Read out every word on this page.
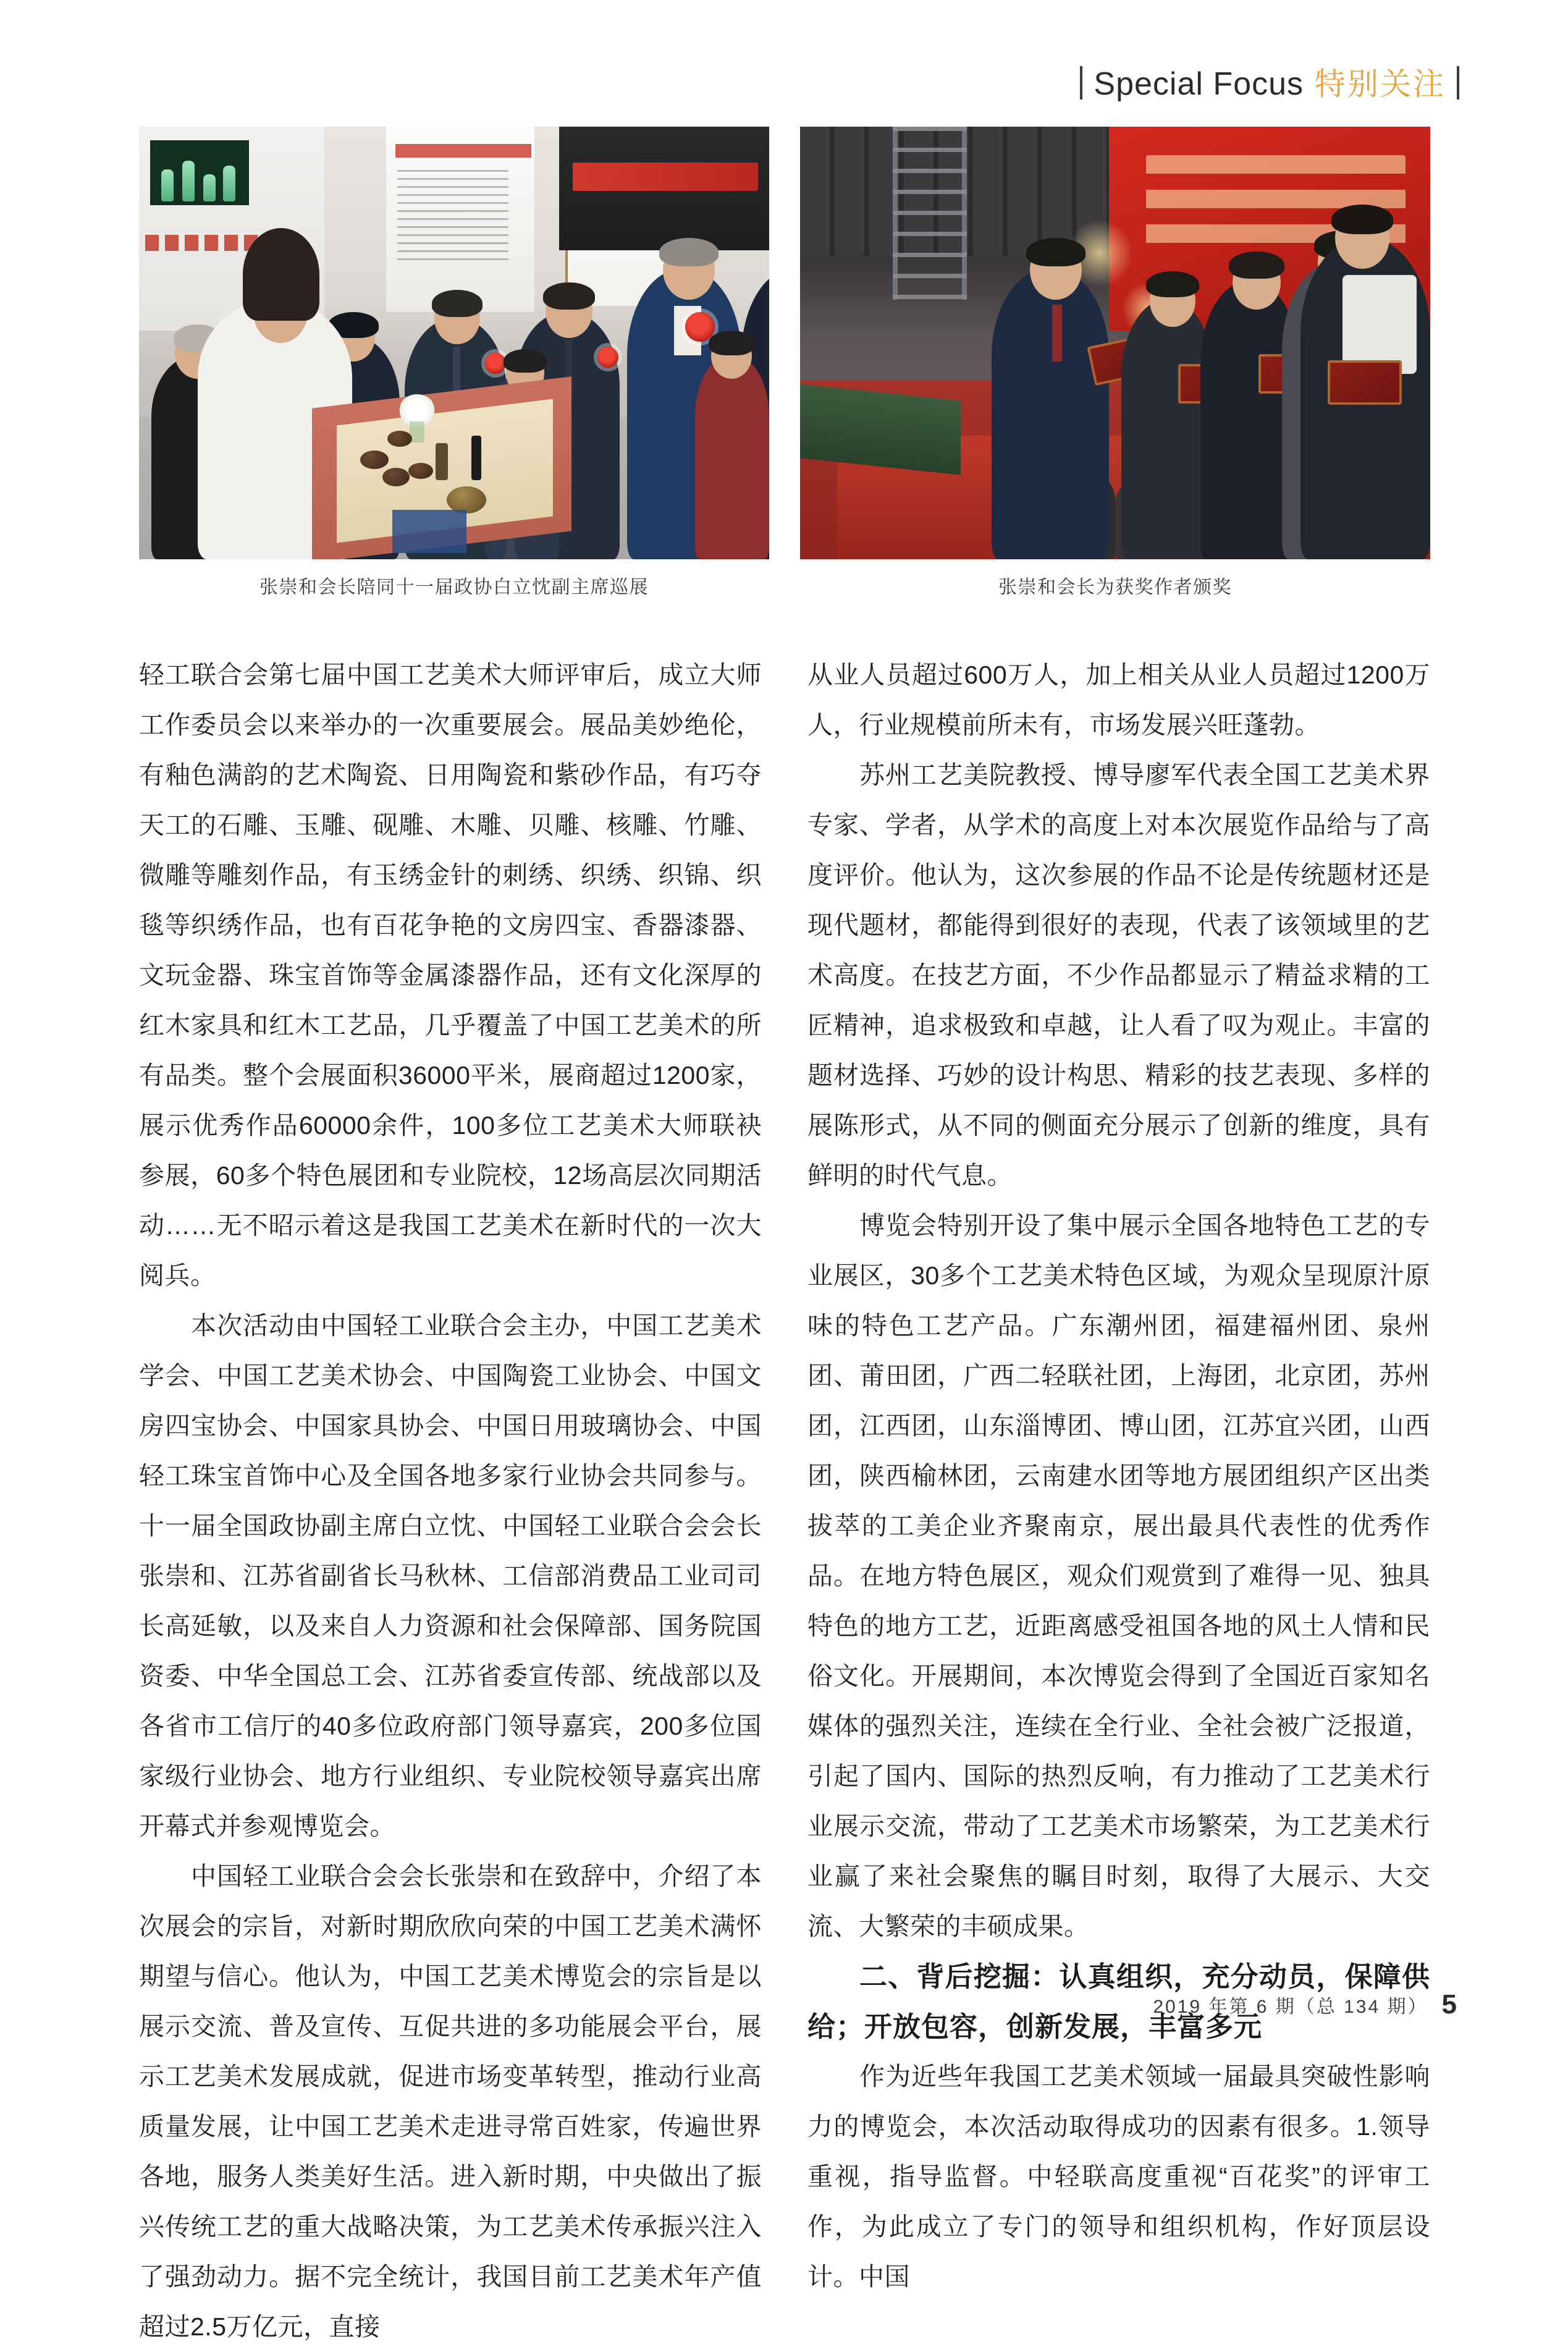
Special Focus 特别关注
张崇和会长陪同十一届政协白立忱副主席巡展	张崇和会长为获奖作者颁奖

轻工联合会第七届中国工艺美术大师评审后，成立大师工作委员会以来举办的一次重要展会。展品美妙绝伦，有釉色满韵的艺术陶瓷、日用陶瓷和紫砂作品，有巧夺天工的石雕、玉雕、砚雕、木雕、贝雕、核雕、竹雕、微雕等雕刻作品，有玉绣金针的刺绣、织绣、织锦、织毯等织绣作品，也有百花争艳的文房四宝、香器漆器、文玩金器、珠宝首饰等金属漆器作品，还有文化深厚的红木家具和红木工艺品，几乎覆盖了中国工艺美术的所有品类。整个会展面积36000平米，展商超过1200家，展示优秀作品60000余件，100多位工艺美术大师联袂参展，60多个特色展团和专业院校，12场高层次同期活动……无不昭示着这是我国工艺美术在新时代的一次大阅兵。

本次活动由中国轻工业联合会主办，中国工艺美术学会、中国工艺美术协会、中国陶瓷工业协会、中国文房四宝协会、中国家具协会、中国日用玻璃协会、中国轻工珠宝首饰中心及全国各地多家行业协会共同参与。十一届全国政协副主席白立忱、中国轻工业联合会会长张崇和、江苏省副省长马秋林、工信部消费品工业司司长高延敏，以及来自人力资源和社会保障部、国务院国资委、中华全国总工会、江苏省委宣传部、统战部以及各省市工信厅的40多位政府部门领导嘉宾，200多位国家级行业协会、地方行业组织、专业院校领导嘉宾出席开幕式并参观博览会。

中国轻工业联合会会长张崇和在致辞中，介绍了本次展会的宗旨，对新时期欣欣向荣的中国工艺美术满怀期望与信心。他认为，中国工艺美术博览会的宗旨是以展示交流、普及宣传、互促共进的多功能展会平台，展示工艺美术发展成就，促进市场变革转型，推动行业高质量发展，让中国工艺美术走进寻常百姓家，传遍世界各地，服务人类美好生活。进入新时期，中央做出了振兴传统工艺的重大战略决策，为工艺美术传承振兴注入了强劲动力。据不完全统计，我国目前工艺美术年产值超过2.5万亿元，直接

从业人员超过600万人，加上相关从业人员超过1200万人，行业规模前所未有，市场发展兴旺蓬勃。

苏州工艺美院教授、博导廖军代表全国工艺美术界专家、学者，从学术的高度上对本次展览作品给与了高度评价。他认为，这次参展的作品不论是传统题材还是现代题材，都能得到很好的表现，代表了该领域里的艺术高度。在技艺方面，不少作品都显示了精益求精的工匠精神，追求极致和卓越，让人看了叹为观止。丰富的题材选择、巧妙的设计构思、精彩的技艺表现、多样的展陈形式，从不同的侧面充分展示了创新的维度，具有鲜明的时代气息。

博览会特别开设了集中展示全国各地特色工艺的专业展区，30多个工艺美术特色区域，为观众呈现原汁原味的特色工艺产品。广东潮州团，福建福州团、泉州团、莆田团，广西二轻联社团，上海团，北京团，苏州团，江西团，山东淄博团、博山团，江苏宜兴团，山西团，陕西榆林团，云南建水团等地方展团组织产区出类拔萃的工美企业齐聚南京，展出最具代表性的优秀作品。在地方特色展区，观众们观赏到了难得一见、独具特色的地方工艺，近距离感受祖国各地的风土人情和民俗文化。开展期间，本次博览会得到了全国近百家知名媒体的强烈关注，连续在全行业、全社会被广泛报道，引起了国内、国际的热烈反响，有力推动了工艺美术行业展示交流，带动了工艺美术市场繁荣，为工艺美术行业赢了来社会聚焦的瞩目时刻，取得了大展示、大交流、大繁荣的丰硕成果。

二、背后挖掘：认真组织，充分动员，保障供给；开放包容，创新发展，丰富多元

作为近些年我国工艺美术领域一届最具突破性影响力的博览会，本次活动取得成功的因素有很多。1.领导重视，指导监督。中轻联高度重视“百花奖”的评审工作，为此成立了专门的领导和组织机构，作好顶层设计。中国

2019 年第 6 期（总 134 期） 5
